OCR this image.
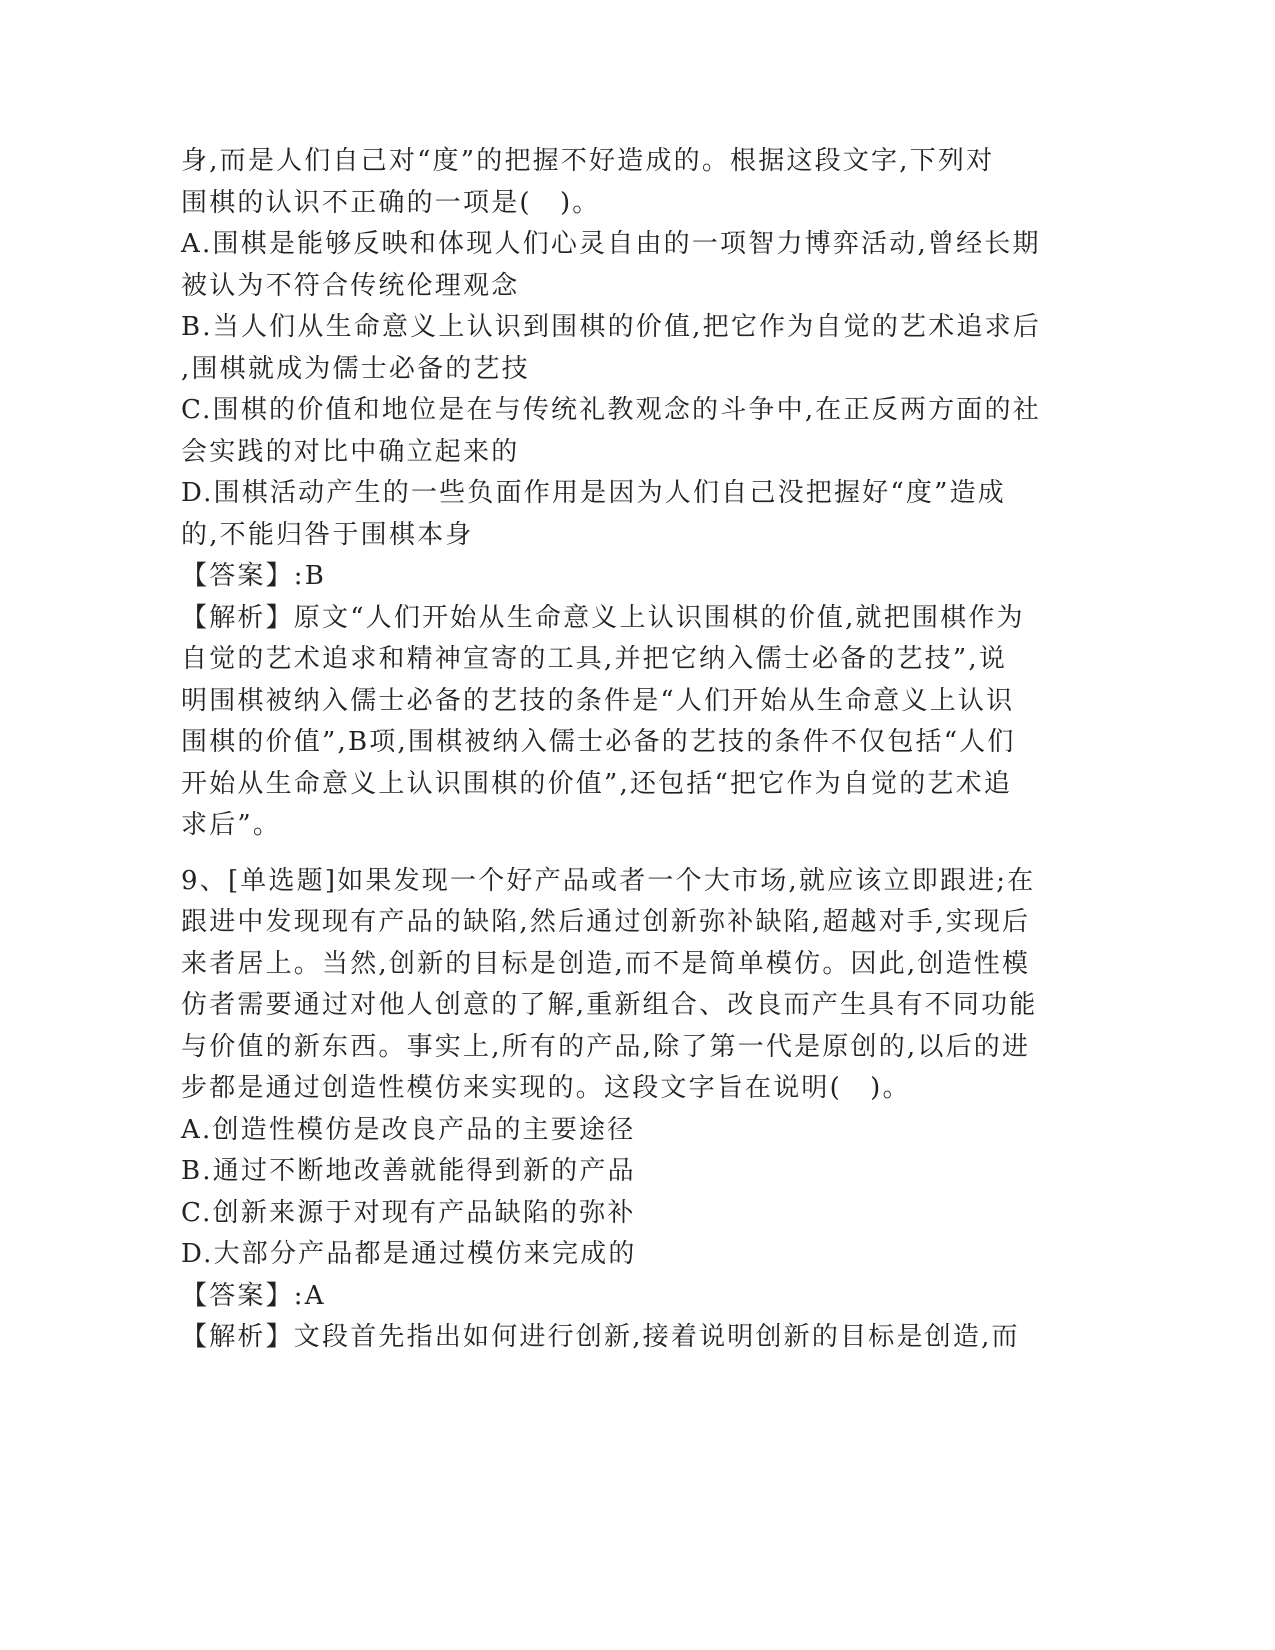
身,而是人们自己对“度”的把握不好造成的。根据这段文字,下列对
围棋的认识不正确的一项是(　)。
A.围棋是能够反映和体现人们心灵自由的一项智力博弈活动,曾经长期
被认为不符合传统伦理观念
B.当人们从生命意义上认识到围棋的价值,把它作为自觉的艺术追求后
,围棋就成为儒士必备的艺技
C.围棋的价值和地位是在与传统礼教观念的斗争中,在正反两方面的社
会实践的对比中确立起来的
D.围棋活动产生的一些负面作用是因为人们自己没把握好“度”造成
的,不能归咎于围棋本身
【答案】:B
【解析】原文“人们开始从生命意义上认识围棋的价值,就把围棋作为
自觉的艺术追求和精神宣寄的工具,并把它纳入儒士必备的艺技”,说
明围棋被纳入儒士必备的艺技的条件是“人们开始从生命意义上认识
围棋的价值”,B项,围棋被纳入儒士必备的艺技的条件不仅包括“人们
开始从生命意义上认识围棋的价值”,还包括“把它作为自觉的艺术追
求后”。
9、[单选题]如果发现一个好产品或者一个大市场,就应该立即跟进;在
跟进中发现现有产品的缺陷,然后通过创新弥补缺陷,超越对手,实现后
来者居上。当然,创新的目标是创造,而不是简单模仿。因此,创造性模
仿者需要通过对他人创意的了解,重新组合、改良而产生具有不同功能
与价值的新东西。事实上,所有的产品,除了第一代是原创的,以后的进
步都是通过创造性模仿来实现的。这段文字旨在说明(　)。
A.创造性模仿是改良产品的主要途径
B.通过不断地改善就能得到新的产品
C.创新来源于对现有产品缺陷的弥补
D.大部分产品都是通过模仿来完成的
【答案】:A
【解析】文段首先指出如何进行创新,接着说明创新的目标是创造,而
